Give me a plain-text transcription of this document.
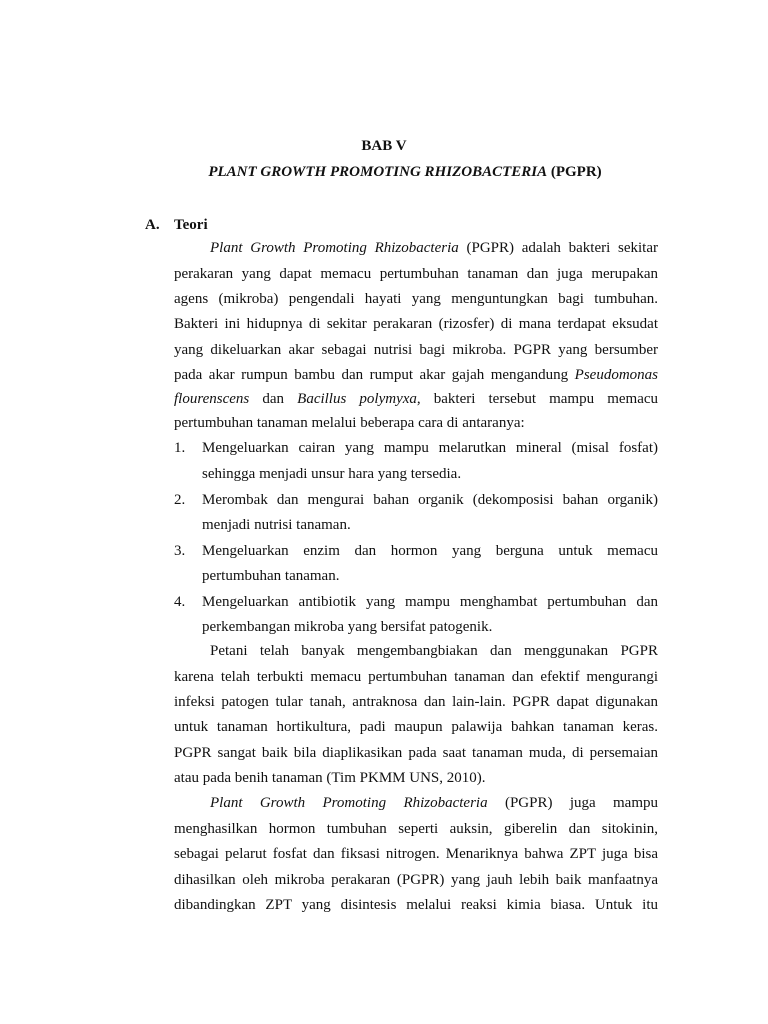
BAB V
PLANT GROWTH PROMOTING RHIZOBACTERIA (PGPR)
A. Teori
Plant Growth Promoting Rhizobacteria (PGPR) adalah bakteri sekitar
perakaran yang dapat memacu pertumbuhan tanaman dan juga merupakan
agens (mikroba) pengendali hayati yang menguntungkan bagi tumbuhan.
Bakteri ini hidupnya di sekitar perakaran (rizosfer) di mana terdapat eksudat
yang dikeluarkan akar sebagai nutrisi bagi mikroba. PGPR yang bersumber
pada akar rumpun bambu dan rumput akar gajah mengandung Pseudomonas
flourenscens dan Bacillus polymyxa, bakteri tersebut mampu memacu
pertumbuhan tanaman melalui beberapa cara di antaranya:
1. Mengeluarkan cairan yang mampu melarutkan mineral (misal fosfat)
sehingga menjadi unsur hara yang tersedia.
2. Merombak dan mengurai bahan organik (dekomposisi bahan organik)
menjadi nutrisi tanaman.
3. Mengeluarkan enzim dan hormon yang berguna untuk memacu
pertumbuhan tanaman.
4. Mengeluarkan antibiotik yang mampu menghambat pertumbuhan dan
perkembangan mikroba yang bersifat patogenik.
Petani telah banyak mengembangbiakan dan menggunakan PGPR
karena telah terbukti memacu pertumbuhan tanaman dan efektif mengurangi
infeksi patogen tular tanah, antraknosa dan lain-lain. PGPR dapat digunakan
untuk tanaman hortikultura, padi maupun palawija bahkan tanaman keras.
PGPR sangat baik bila diaplikasikan pada saat tanaman muda, di persemaian
atau pada benih tanaman (Tim PKMM UNS, 2010).
Plant Growth Promoting Rhizobacteria (PGPR) juga mampu
menghasilkan hormon tumbuhan seperti auksin, giberelin dan sitokinin,
sebagai pelarut fosfat dan fiksasi nitrogen. Menariknya bahwa ZPT juga bisa
dihasilkan oleh mikroba perakaran (PGPR) yang jauh lebih baik manfaatnya
dibandingkan ZPT yang disintesis melalui reaksi kimia biasa. Untuk itu
